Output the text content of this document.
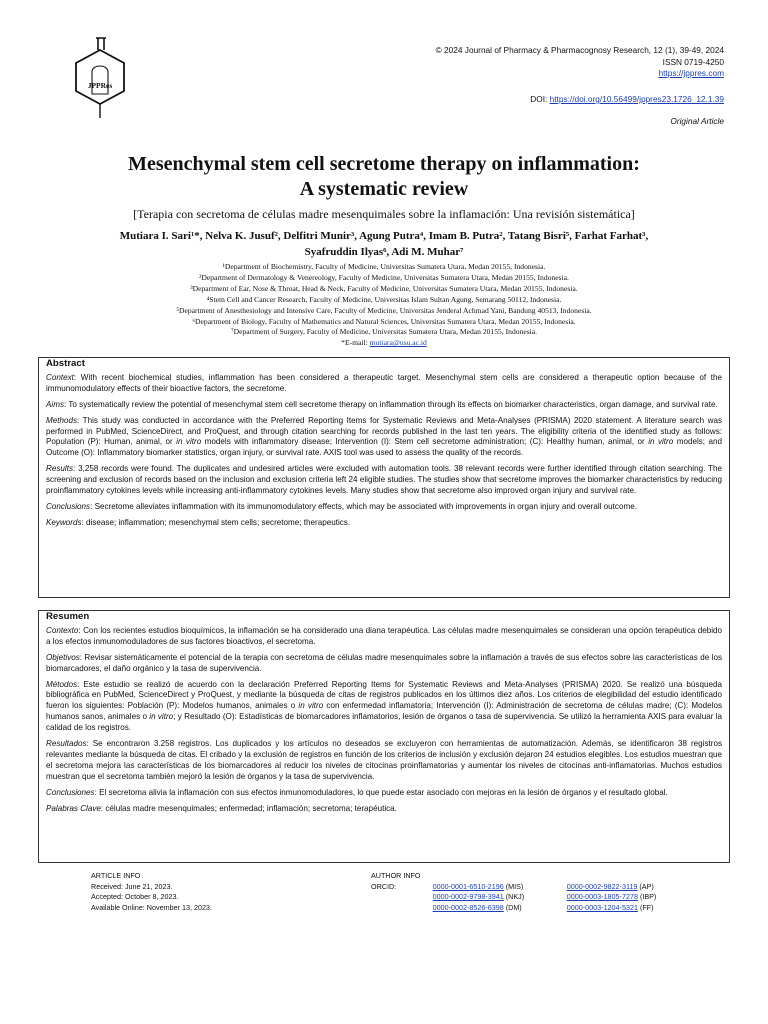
JPPRes
© 2024 Journal of Pharmacy & Pharmacognosy Research, 12 (1), 39-49, 2024
ISSN 0719-4250
https://jppres.com
DOI: https://doi.org/10.56499/jppres23.1726_12.1.39
Original Article
Mesenchymal stem cell secretome therapy on inflammation:
A systematic review
[Terapia con secretoma de células madre mesenquimales sobre la inflamación: Una revisión sistemática]
Mutiara I. Sari¹*, Nelva K. Jusuf², Delfitri Munir³, Agung Putra⁴, Imam B. Putra², Tatang Bisri⁵, Farhat Farhat³,
Syafruddin Ilyas⁶, Adi M. Muhar⁷
¹Department of Biochemistry, Faculty of Medicine, Universitas Sumatera Utara, Medan 20155, Indonesia.
²Department of Dermatology & Venereology, Faculty of Medicine, Universitas Sumatera Utara, Medan 20155, Indonesia.
³Department of Ear, Nose & Throat, Head & Neck, Faculty of Medicine, Universitas Sumatera Utara, Medan 20155, Indonesia.
⁴Stem Cell and Cancer Research, Faculty of Medicine, Universitas Islam Sultan Agung, Semarang 50112, Indonesia.
⁵Department of Anesthesiology and Intensive Care, Faculty of Medicine, Universitas Jenderal Achmad Yani, Bandung 40513, Indonesia.
⁶Department of Biology, Faculty of Mathematics and Natural Sciences, Universitas Sumatera Utara, Medan 20155, Indonesia.
⁷Department of Surgery, Faculty of Medicine, Universitas Sumatera Utara, Medan 20155, Indonesia.
*E-mail: mutiara@usu.ac.id
Abstract

Context: With recent biochemical studies, inflammation has been considered a therapeutic target. Mesenchymal stem cells are considered a therapeutic option because of the immunomodulatory effects of their bioactive factors, the secretome.

Aims: To systematically review the potential of mesenchymal stem cell secretome therapy on inflammation through its effects on biomarker characteristics, organ damage, and survival rate.

Methods: This study was conducted in accordance with the Preferred Reporting Items for Systematic Reviews and Meta-Analyses (PRISMA) 2020 statement. A literature search was performed in PubMed, ScienceDirect, and ProQuest, and through citation searching for records published in the last ten years. The eligibility criteria of the identified study as follows: Population (P): Human, animal, or in vitro models with inflammatory disease; Intervention (I): Stem cell secretome administration; (C): Healthy human, animal, or in vitro models; and Outcome (O): Inflammatory biomarker statistics, organ injury, or survival rate. AXIS tool was used to assess the quality of the records.

Results: 3,258 records were found. The duplicates and undesired articles were excluded with automation tools. 38 relevant records were further identified through citation searching. The screening and exclusion of records based on the inclusion and exclusion criteria left 24 eligible studies. The studies show that secretome improves the biomarker characteristics by reducing proinflammatory cytokines levels while increasing anti-inflammatory cytokines levels. Many studies show that secretome also improved organ injury and survival rate.

Conclusions: Secretome alleviates inflammation with its immunomodulatory effects, which may be associated with improvements in organ injury and overall outcome.

Keywords: disease; inflammation; mesenchymal stem cells; secretome; therapeutics.

Resumen

Contexto: Con los recientes estudios bioquímicos, la inflamación se ha considerado una diana terapéutica. Las células madre mesenquimales se consideran una opción terapéutica debido a los efectos inmunomoduladores de sus factores bioactivos, el secretoma.

Objetivos: Revisar sistemáticamente el potencial de la terapia con secretoma de células madre mesenquimales sobre la inflamación a través de sus efectos sobre las características de los biomarcadores, el daño orgánico y la tasa de supervivencia.

Métodos: Este estudio se realizó de acuerdo con la declaración Preferred Reporting Items for Systematic Reviews and Meta-Analyses (PRISMA) 2020. Se realizó una búsqueda bibliográfica en PubMed, ScienceDirect y ProQuest, y mediante la búsqueda de citas de registros publicados en los últimos diez años. Los criterios de elegibilidad del estudio identificado fueron los siguientes: Población (P): Modelos humanos, animales o in vitro con enfermedad inflamatoria; Intervención (I): Administración de secretoma de células madre; (C): Modelos humanos sanos, animales o in vitro; y Resultado (O): Estadísticas de biomarcadores inflamatorios, lesión de órganos o tasa de supervivencia. Se utilizó la herramienta AXIS para evaluar la calidad de los registros.

Resultados: Se encontraron 3.258 registros. Los duplicados y los artículos no deseados se excluyeron con herramientas de automatización. Además, se identificaron 38 registros relevantes mediante la búsqueda de citas. El cribado y la exclusión de registros en función de los criterios de inclusión y exclusión dejaron 24 estudios elegibles. Los estudios muestran que el secretoma mejora las características de los biomarcadores al reducir los niveles de citocinas proinflamatorias y aumentar los niveles de citocinas anti-inflamatorias. Muchos estudios muestran que el secretoma también mejoró la lesión de órganos y la tasa de supervivencia.

Conclusiones: El secretoma alivia la inflamación con sus efectos inmunomoduladores, lo que puede estar asociado con mejoras en la lesión de órganos y el resultado global.

Palabras Clave: células madre mesenquimales; enfermedad; inflamación; secretoma; terapéutica.

ARTICLE INFO
Received: June 21, 2023.
Accepted: October 8, 2023.
Available Online: November 13, 2023.
AUTHOR INFO
ORCID:	0000-0001-6510-2196 (MIS)	0000-0002-9822-3119 (AP)
0000-0002-9798-3941 (NKJ)	0000-0003-1805-7278 (IBP)
0000-0002-8526-6398 (DM)	0000-0003-1204-5321 (FF)
